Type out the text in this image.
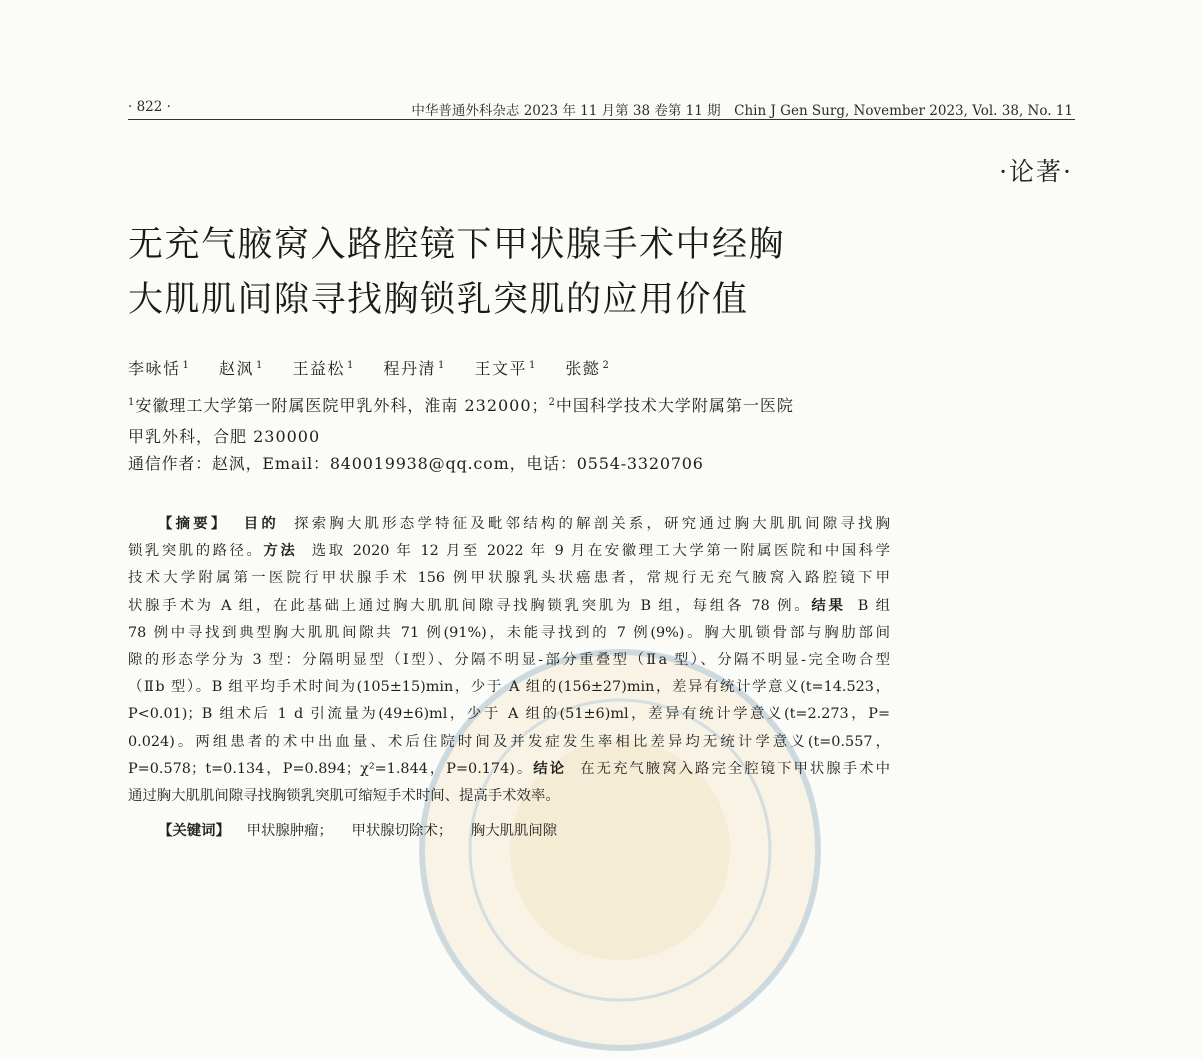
· 822 ·	中华普通外科杂志 2023 年 11 月第 38 卷第 11 期　Chin J Gen Surg, November 2023, Vol. 38, No. 11
·论著·
无充气腋窝入路腔镜下甲状腺手术中经胸
大肌肌间隙寻找胸锁乳突肌的应用价值
李咏恬 $^1$ 赵沨 $^1$ 王益松 $^1$ 程丹清 $^1$ 王文平 $^1$ 张懿 $^2$
$^1$安徽理工大学第一附属医院甲乳外科，淮南 232000；$^2$中国科学技术大学附属第一医院
甲乳外科，合肥 230000
通信作者：赵沨，Email：840019938@qq.com，电话：0554-3320706
【摘要】 目的 探索胸大肌形态学特征及毗邻结构的解剖关系，研究通过胸大肌肌间隙寻找胸
锁乳突肌的路径。方法 选取 2020 年 12 月至 2022 年 9 月在安徽理工大学第一附属医院和中国科学
技术大学附属第一医院行甲状腺手术 156 例甲状腺乳头状癌患者，常规行无充气腋窝入路腔镜下甲
状腺手术为 A 组，在此基础上通过胸大肌肌间隙寻找胸锁乳突肌为 B 组，每组各 78 例。结果 B 组
78 例中寻找到典型胸大肌肌间隙共 71 例(91%)，未能寻找到的 7 例(9%)。胸大肌锁骨部与胸肋部间
隙的形态学分为 3 型：分隔明显型（Ⅰ型）、分隔不明显-部分重叠型（Ⅱa 型）、分隔不明显-完全吻合型
（Ⅱb 型）。B 组平均手术时间为(105±15)min，少于 A 组的(156±27)min，差异有统计学意义(t=14.523，
P<0.01)；B 组术后 1 d 引流量为(49±6)ml，少于 A 组的(51±6)ml，差异有统计学意义(t=2.273，P=
0.024)。两组患者的术中出血量、术后住院时间及并发症发生率相比差异均无统计学意义(t=0.557，
P=0.578；t=0.134，P=0.894；χ²=1.844，P=0.174)。结论 在无充气腋窝入路完全腔镜下甲状腺手术中
通过胸大肌肌间隙寻找胸锁乳突肌可缩短手术时间、提高手术效率。
【关键词】 甲状腺肿瘤； 甲状腺切除术； 胸大肌肌间隙
